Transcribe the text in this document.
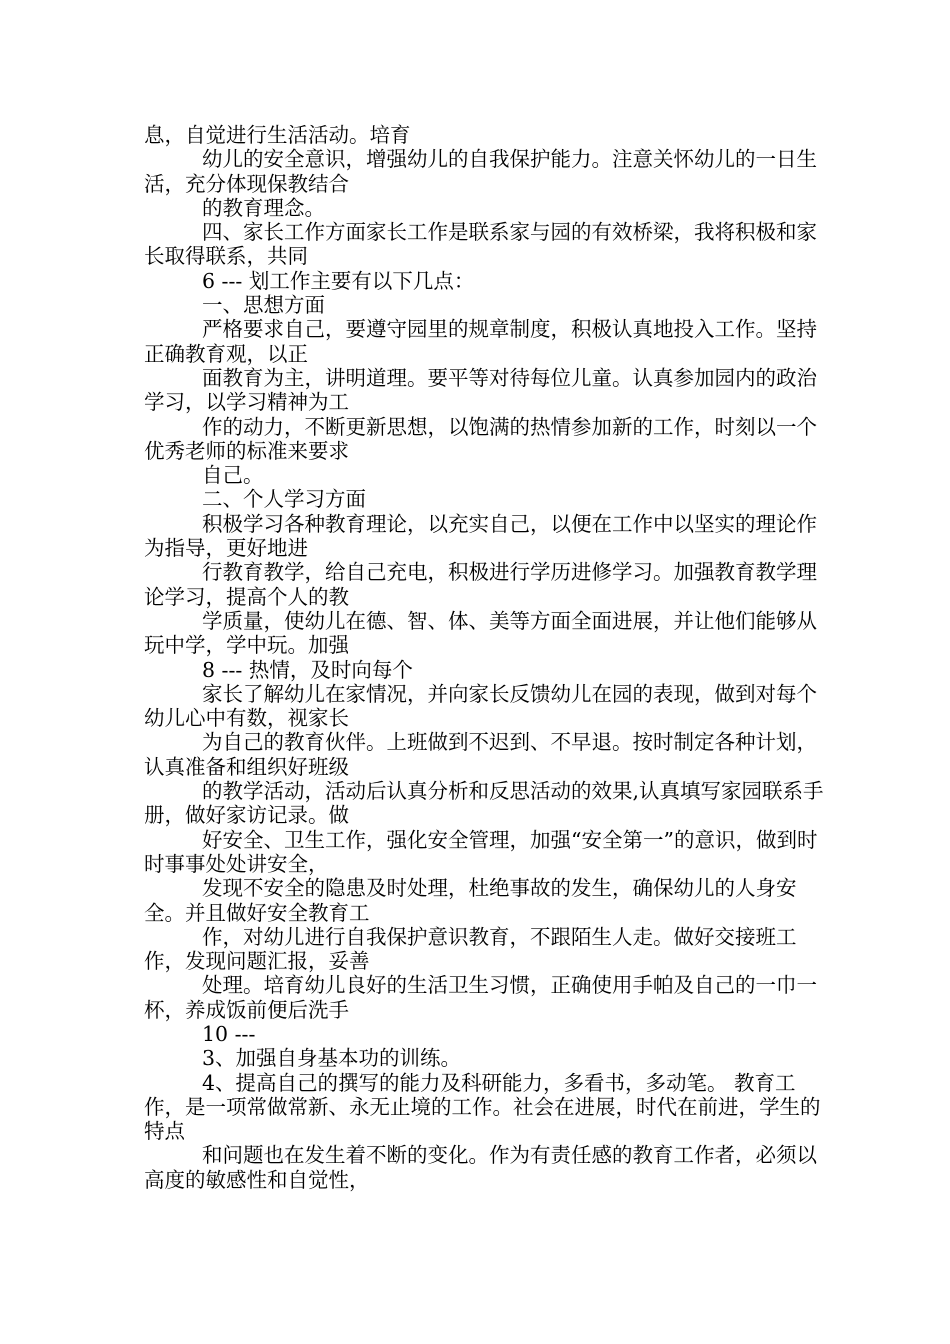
息，自觉进行生活活动。培育

幼儿的安全意识，增强幼儿的自我保护能力。注意关怀幼儿的一日生活，充分体现保教结合

的教育理念。

四、家长工作方面家长工作是联系家与园的有效桥梁，我将积极和家长取得联系，共同

6 --- 划工作主要有以下几点：

一、思想方面

严格要求自己，要遵守园里的规章制度，积极认真地投入工作。坚持正确教育观，以正

面教育为主，讲明道理。要平等对待每位儿童。认真参加园内的政治学习，以学习精神为工

作的动力，不断更新思想，以饱满的热情参加新的工作，时刻以一个优秀老师的标准来要求

自己。

二、个人学习方面

积极学习各种教育理论，以充实自己，以便在工作中以坚实的理论作为指导，更好地进

行教育教学，给自己充电，积极进行学历进修学习。加强教育教学理论学习，提高个人的教

学质量，使幼儿在德、智、体、美等方面全面进展，并让他们能够从玩中学，学中玩。加强

8 --- 热情，及时向每个

家长了解幼儿在家情况，并向家长反馈幼儿在园的表现，做到对每个幼儿心中有数，视家长

为自己的教育伙伴。上班做到不迟到、不早退。按时制定各种计划，认真准备和组织好班级

的教学活动，活动后认真分析和反思活动的效果,认真填写家园联系手册，做好家访记录。做

好安全、卫生工作，强化安全管理，加强“安全第一”的意识，做到时时事事处处讲安全，

发现不安全的隐患及时处理，杜绝事故的发生，确保幼儿的人身安全。并且做好安全教育工

作，对幼儿进行自我保护意识教育，不跟陌生人走。做好交接班工作，发现问题汇报，妥善

处理。培育幼儿良好的生活卫生习惯，正确使用手帕及自己的一巾一杯，养成饭前便后洗手

10 ---

3、加强自身基本功的训练。

4、提高自己的撰写的能力及科研能力，多看书，多动笔。 教育工作，是一项常做常新、永无止境的工作。社会在进展，时代在前进，学生的特点

和问题也在发生着不断的变化。作为有责任感的教育工作者，必须以高度的敏感性和自觉性，
